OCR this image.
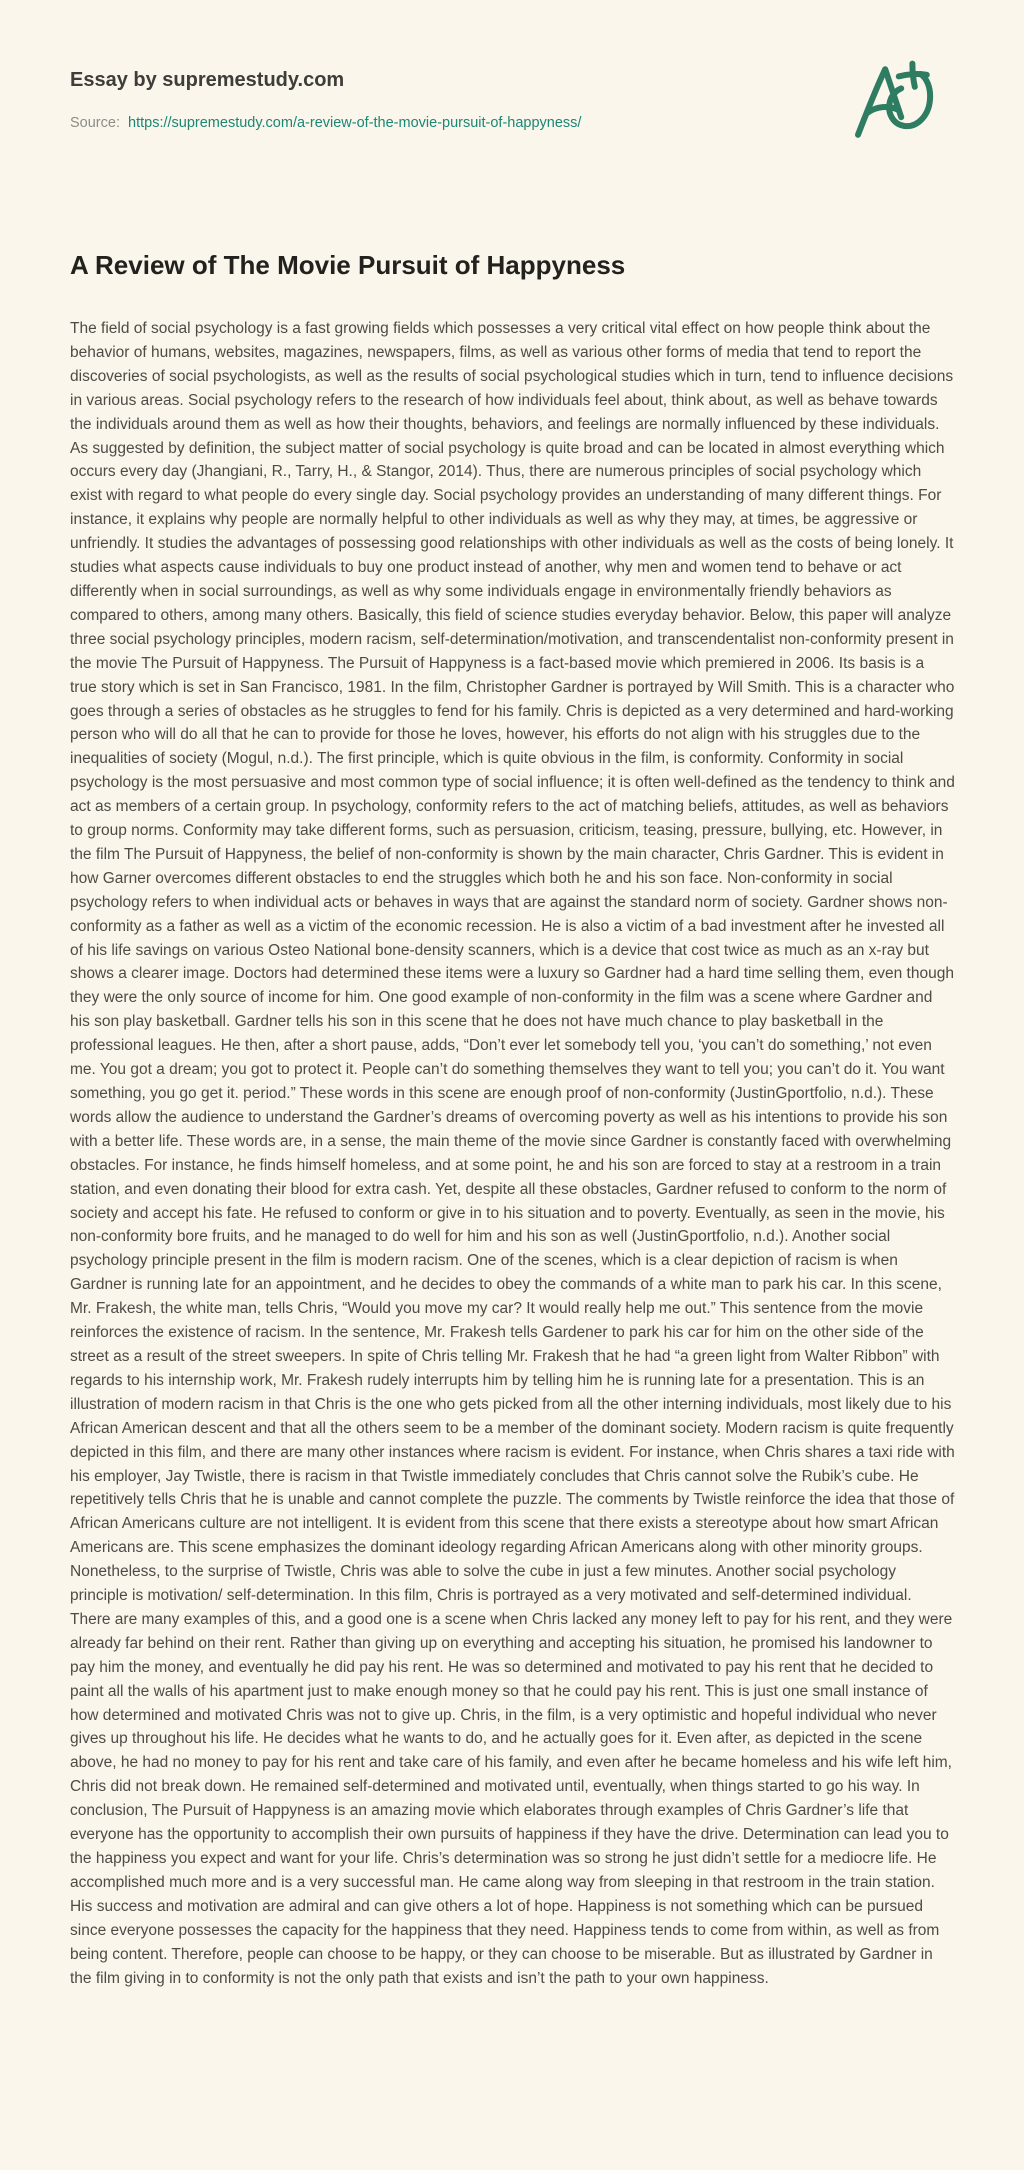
Essay by supremestudy.com

Source: https://supremestudy.com/a-review-of-the-movie-pursuit-of-happyness/

A Review of The Movie Pursuit of Happyness

The field of social psychology is a fast growing fields which possesses a very critical vital effect on how people think about the behavior of humans, websites, magazines, newspapers, films, as well as various other forms of media that tend to report the discoveries of social psychologists, as well as the results of social psychological studies which in turn, tend to influence decisions in various areas. Social psychology refers to the research of how individuals feel about, think about, as well as behave towards the individuals around them as well as how their thoughts, behaviors, and feelings are normally influenced by these individuals. As suggested by definition, the subject matter of social psychology is quite broad and can be located in almost everything which occurs every day (Jhangiani, R., Tarry, H., & Stangor, 2014). Thus, there are numerous principles of social psychology which exist with regard to what people do every single day. Social psychology provides an understanding of many different things. For instance, it explains why people are normally helpful to other individuals as well as why they may, at times, be aggressive or unfriendly. It studies the advantages of possessing good relationships with other individuals as well as the costs of being lonely. It studies what aspects cause individuals to buy one product instead of another, why men and women tend to behave or act differently when in social surroundings, as well as why some individuals engage in environmentally friendly behaviors as compared to others, among many others. Basically, this field of science studies everyday behavior. Below, this paper will analyze three social psychology principles, modern racism, self-determination/motivation, and transcendentalist non-conformity present in the movie The Pursuit of Happyness. The Pursuit of Happyness is a fact-based movie which premiered in 2006. Its basis is a true story which is set in San Francisco, 1981. In the film, Christopher Gardner is portrayed by Will Smith. This is a character who goes through a series of obstacles as he struggles to fend for his family. Chris is depicted as a very determined and hard-working person who will do all that he can to provide for those he loves, however, his efforts do not align with his struggles due to the inequalities of society (Mogul, n.d.). The first principle, which is quite obvious in the film, is conformity. Conformity in social psychology is the most persuasive and most common type of social influence; it is often well-defined as the tendency to think and act as members of a certain group. In psychology, conformity refers to the act of matching beliefs, attitudes, as well as behaviors to group norms. Conformity may take different forms, such as persuasion, criticism, teasing, pressure, bullying, etc. However, in the film The Pursuit of Happyness, the belief of non-conformity is shown by the main character, Chris Gardner. This is evident in how Garner overcomes different obstacles to end the struggles which both he and his son face. Non-conformity in social psychology refers to when individual acts or behaves in ways that are against the standard norm of society. Gardner shows non-conformity as a father as well as a victim of the economic recession. He is also a victim of a bad investment after he invested all of his life savings on various Osteo National bone-density scanners, which is a device that cost twice as much as an x-ray but shows a clearer image. Doctors had determined these items were a luxury so Gardner had a hard time selling them, even though they were the only source of income for him. One good example of non-conformity in the film was a scene where Gardner and his son play basketball. Gardner tells his son in this scene that he does not have much chance to play basketball in the professional leagues. He then, after a short pause, adds, “Don’t ever let somebody tell you, ‘you can’t do something,’ not even me. You got a dream; you got to protect it. People can’t do something themselves they want to tell you; you can’t do it. You want something, you go get it. period.” These words in this scene are enough proof of non-conformity (JustinGportfolio, n.d.). These words allow the audience to understand the Gardner’s dreams of overcoming poverty as well as his intentions to provide his son with a better life. These words are, in a sense, the main theme of the movie since Gardner is constantly faced with overwhelming obstacles. For instance, he finds himself homeless, and at some point, he and his son are forced to stay at a restroom in a train station, and even donating their blood for extra cash. Yet, despite all these obstacles, Gardner refused to conform to the norm of society and accept his fate. He refused to conform or give in to his situation and to poverty. Eventually, as seen in the movie, his non-conformity bore fruits, and he managed to do well for him and his son as well (JustinGportfolio, n.d.). Another social psychology principle present in the film is modern racism. One of the scenes, which is a clear depiction of racism is when Gardner is running late for an appointment, and he decides to obey the commands of a white man to park his car. In this scene, Mr. Frakesh, the white man, tells Chris, “Would you move my car? It would really help me out.” This sentence from the movie reinforces the existence of racism. In the sentence, Mr. Frakesh tells Gardener to park his car for him on the other side of the street as a result of the street sweepers. In spite of Chris telling Mr. Frakesh that he had “a green light from Walter Ribbon” with regards to his internship work, Mr. Frakesh rudely interrupts him by telling him he is running late for a presentation. This is an illustration of modern racism in that Chris is the one who gets picked from all the other interning individuals, most likely due to his African American descent and that all the others seem to be a member of the dominant society. Modern racism is quite frequently depicted in this film, and there are many other instances where racism is evident. For instance, when Chris shares a taxi ride with his employer, Jay Twistle, there is racism in that Twistle immediately concludes that Chris cannot solve the Rubik’s cube. He repetitively tells Chris that he is unable and cannot complete the puzzle. The comments by Twistle reinforce the idea that those of African Americans culture are not intelligent. It is evident from this scene that there exists a stereotype about how smart African Americans are. This scene emphasizes the dominant ideology regarding African Americans along with other minority groups. Nonetheless, to the surprise of Twistle, Chris was able to solve the cube in just a few minutes. Another social psychology principle is motivation/ self-determination. In this film, Chris is portrayed as a very motivated and self-determined individual. There are many examples of this, and a good one is a scene when Chris lacked any money left to pay for his rent, and they were already far behind on their rent. Rather than giving up on everything and accepting his situation, he promised his landowner to pay him the money, and eventually he did pay his rent. He was so determined and motivated to pay his rent that he decided to paint all the walls of his apartment just to make enough money so that he could pay his rent. This is just one small instance of how determined and motivated Chris was not to give up. Chris, in the film, is a very optimistic and hopeful individual who never gives up throughout his life. He decides what he wants to do, and he actually goes for it. Even after, as depicted in the scene above, he had no money to pay for his rent and take care of his family, and even after he became homeless and his wife left him, Chris did not break down. He remained self-determined and motivated until, eventually, when things started to go his way. In conclusion, The Pursuit of Happyness is an amazing movie which elaborates through examples of Chris Gardner’s life that everyone has the opportunity to accomplish their own pursuits of happiness if they have the drive. Determination can lead you to the happiness you expect and want for your life. Chris’s determination was so strong he just didn’t settle for a mediocre life. He accomplished much more and is a very successful man. He came along way from sleeping in that restroom in the train station. His success and motivation are admiral and can give others a lot of hope. Happiness is not something which can be pursued since everyone possesses the capacity for the happiness that they need. Happiness tends to come from within, as well as from being content. Therefore, people can choose to be happy, or they can choose to be miserable. But as illustrated by Gardner in the film giving in to conformity is not the only path that exists and isn’t the path to your own happiness.
